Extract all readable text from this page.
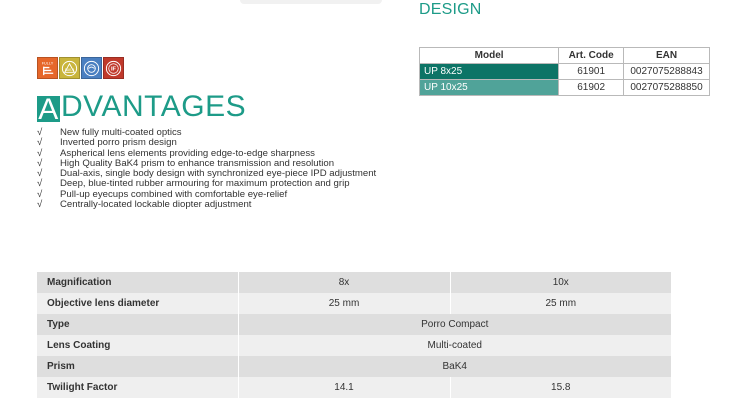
DESIGN
Model	Art. Code	EAN
UP 8x25	61901	0027075288843
UP 10x25	61902	0027075288850
FULLY
BAK-4	IF
A DVANTAGES
√	New fully multi-coated optics
√	Inverted porro prism design
√	Aspherical lens elements providing edge-to-edge sharpness
√	High Quality BaK4 prism to enhance transmission and resolution
√	Dual-axis, single body design with synchronized eye-piece IPD adjustment
√	Deep, blue-tinted rubber armouring for maximum protection and grip
√	Pull-up eyecups combined with comfortable eye-relief
√	Centrally-located lockable diopter adjustment
Magnification	8x	10x
Objective lens diameter	25 mm	25 mm
Type	Porro Compact	
Lens Coating	Multi-coated	
Prism	BaK4	
Twilight Factor	14.1	15.8
